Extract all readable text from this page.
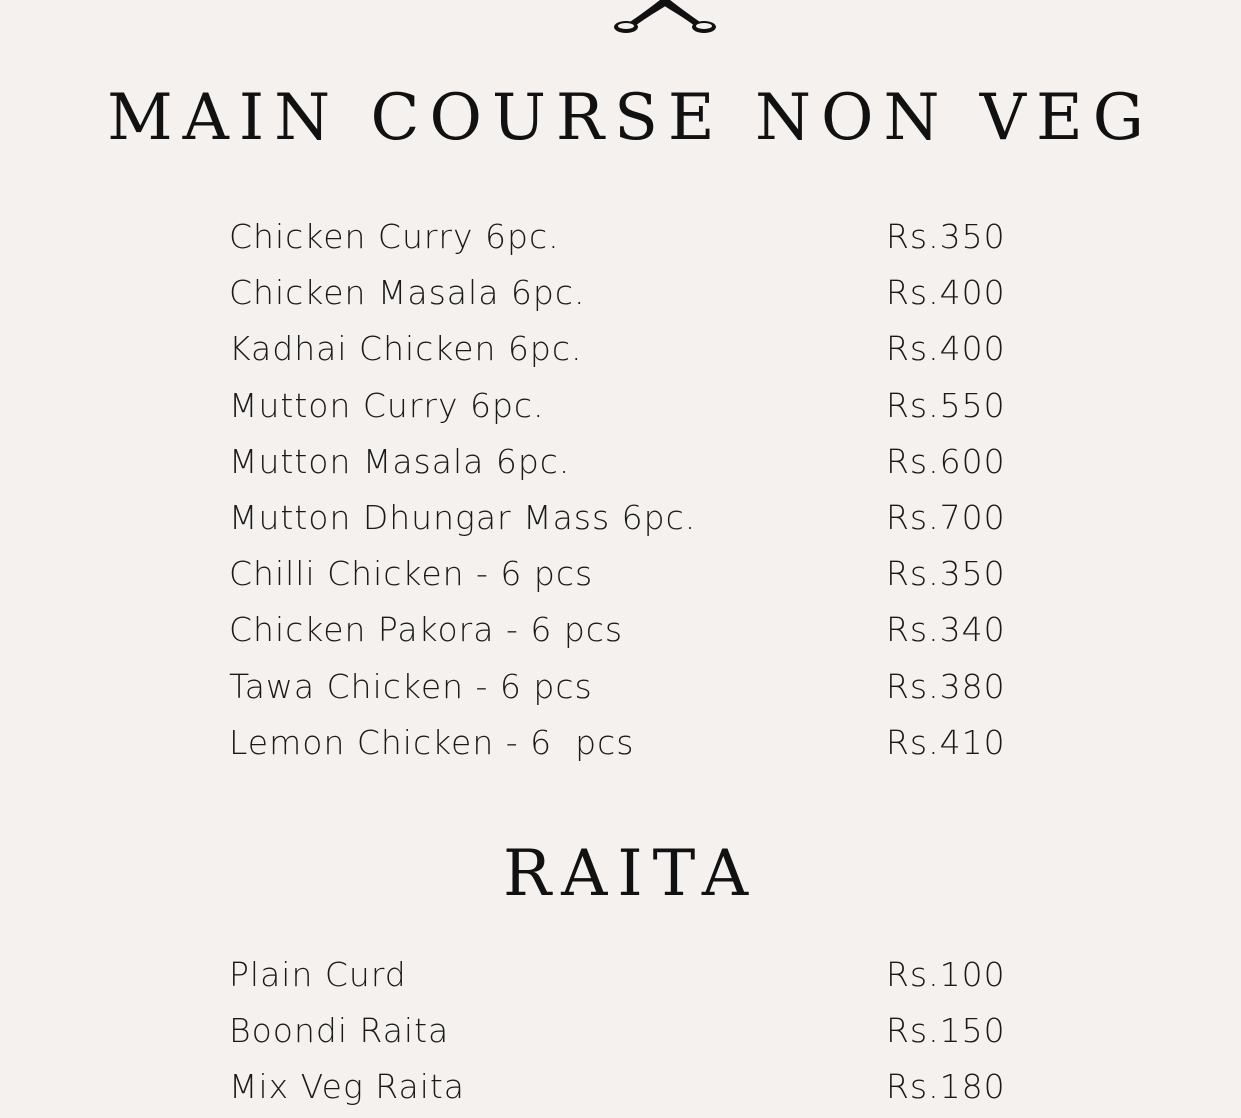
MAIN COURSE NON VEG
Chicken Curry 6pc.	Rs.350
Chicken Masala 6pc.	Rs.400
Kadhai Chicken 6pc.	Rs.400
Mutton Curry 6pc.	Rs.550
Mutton Masala 6pc.	Rs.600
Mutton Dhungar Mass 6pc.	Rs.700
Chilli Chicken - 6 pcs	Rs.350
Chicken Pakora - 6 pcs	Rs.340
Tawa Chicken - 6 pcs	Rs.380
Lemon Chicken - 6  pcs	Rs.410
RAITA
Plain Curd	Rs.100
Boondi Raita	Rs.150
Mix Veg Raita	Rs.180
